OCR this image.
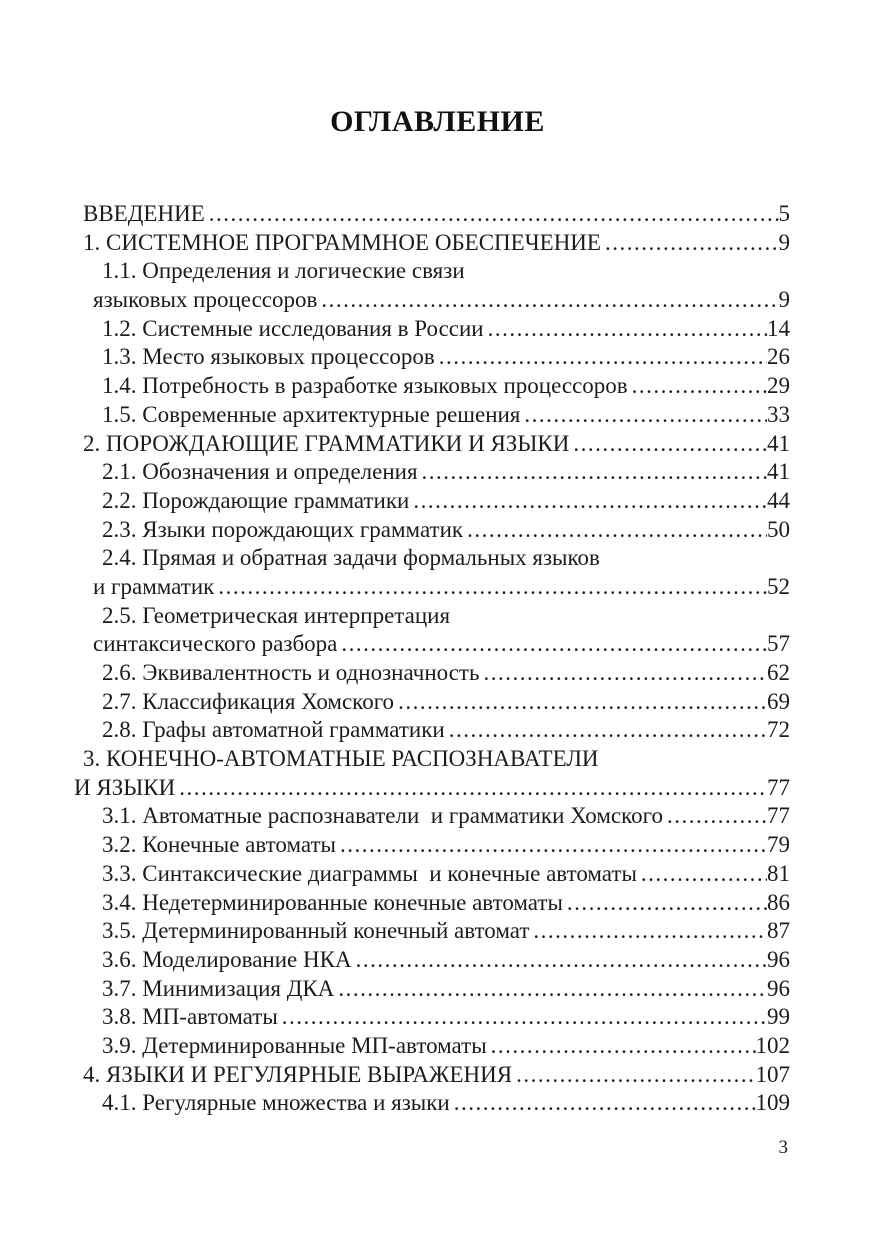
ОГЛАВЛЕНИЕ
ВВЕДЕНИЕ .....	5
1. СИСТЕМНОЕ ПРОГРАММНОЕ ОБЕСПЕЧЕНИЕ .....	9
1.1. Определения и логические связи
языковых процессоров .....	9
1.2. Системные исследования в России .....	14
1.3. Место языковых процессоров .....	26
1.4. Потребность в разработке языковых процессоров .....	29
1.5. Современные архитектурные решения .....	33
2. ПОРОЖДАЮЩИЕ ГРАММАТИКИ И ЯЗЫКИ .....	41
2.1. Обозначения и определения .....	41
2.2. Порождающие грамматики .....	44
2.3. Языки порождающих грамматик .....	50
2.4. Прямая и обратная задачи формальных языков
и грамматик .....	52
2.5. Геометрическая интерпретация
синтаксического разбора .....	57
2.6. Эквивалентность и однозначность .....	62
2.7. Классификация Хомского .....	69
2.8. Графы автоматной грамматики .....	72
3. КОНЕЧНО-АВТОМАТНЫЕ РАСПОЗНАВАТЕЛИ
И ЯЗЫКИ .....	77
3.1. Автоматные распознаватели  и грамматики Хомского .....	77
3.2. Конечные автоматы .....	79
3.3. Синтаксические диаграммы  и конечные автоматы .....	81
3.4. Недетерминированные конечные автоматы .....	86
3.5. Детерминированный конечный автомат .....	87
3.6. Моделирование НКА .....	96
3.7. Минимизация ДКА .....	96
3.8. МП-автоматы .....	99
3.9. Детерминированные МП-автоматы .....	102
4. ЯЗЫКИ И РЕГУЛЯРНЫЕ ВЫРАЖЕНИЯ .....	107
4.1. Регулярные множества и языки .....	109
3
